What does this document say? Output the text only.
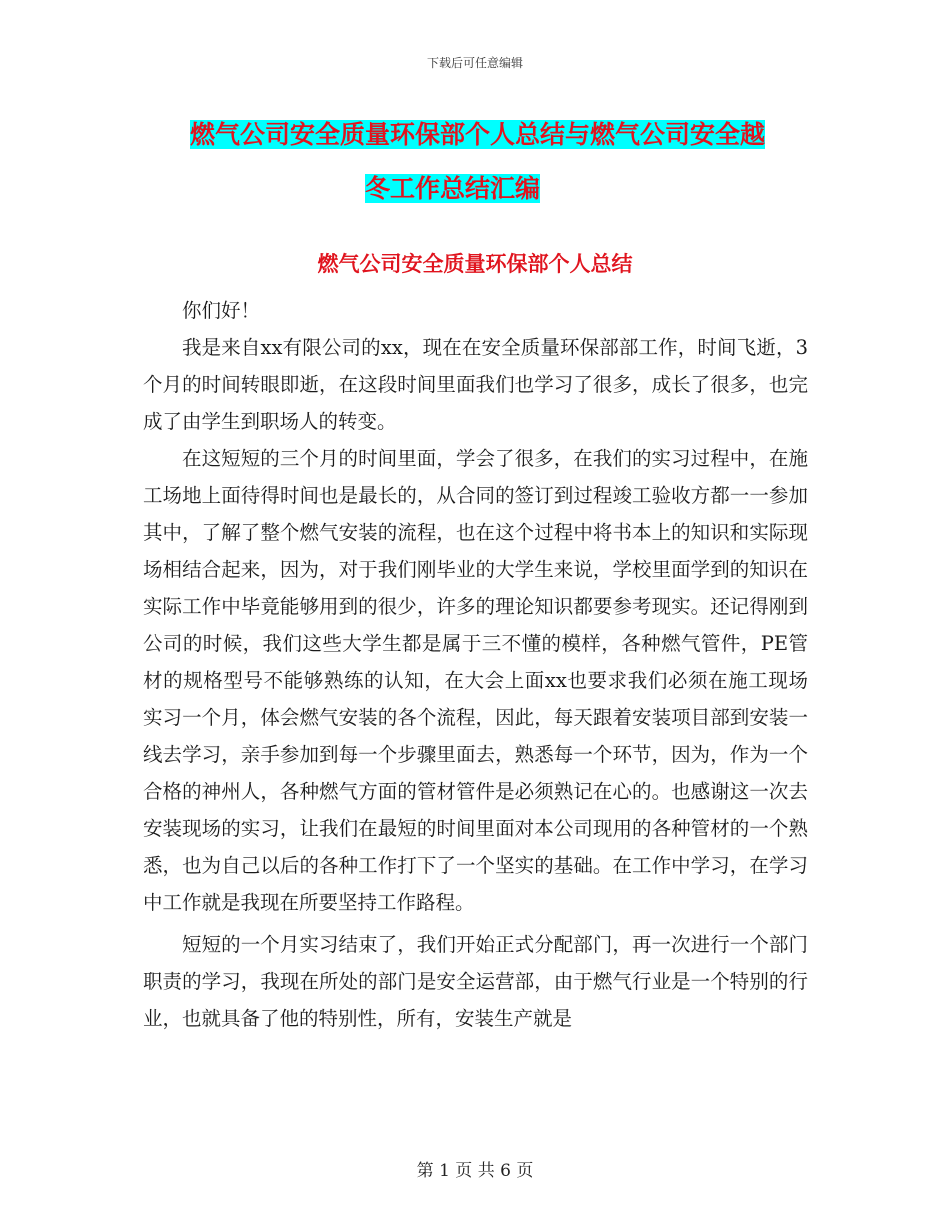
下载后可任意编辑
燃气公司安全质量环保部个人总结与燃气公司安全越
冬工作总结汇编
燃气公司安全质量环保部个人总结

你们好！

我是来自xx有限公司的xx，现在在安全质量环保部部工作，时间飞逝，3个月的时间转眼即逝，在这段时间里面我们也学习了很多，成长了很多，也完成了由学生到职场人的转变。

在这短短的三个月的时间里面，学会了很多，在我们的实习过程中，在施工场地上面待得时间也是最长的，从合同的签订到过程竣工验收方都一一参加其中，了解了整个燃气安装的流程，也在这个过程中将书本上的知识和实际现场相结合起来，因为，对于我们刚毕业的大学生来说，学校里面学到的知识在实际工作中毕竟能够用到的很少，许多的理论知识都要参考现实。还记得刚到公司的时候，我们这些大学生都是属于三不懂的模样，各种燃气管件，PE管材的规格型号不能够熟练的认知，在大会上面xx也要求我们必须在施工现场实习一个月，体会燃气安装的各个流程，因此，每天跟着安装项目部到安装一线去学习，亲手参加到每一个步骤里面去，熟悉每一个环节，因为，作为一个合格的神州人，各种燃气方面的管材管件是必须熟记在心的。也感谢这一次去安装现场的实习，让我们在最短的时间里面对本公司现用的各种管材的一个熟悉，也为自己以后的各种工作打下了一个坚实的基础。在工作中学习，在学习中工作就是我现在所要坚持工作路程。

短短的一个月实习结束了，我们开始正式分配部门，再一次进行一个部门职责的学习，我现在所处的部门是安全运营部，由于燃气行业是一个特别的行业，也就具备了他的特别性，所有，安装生产就是

第 1 页 共 6 页
